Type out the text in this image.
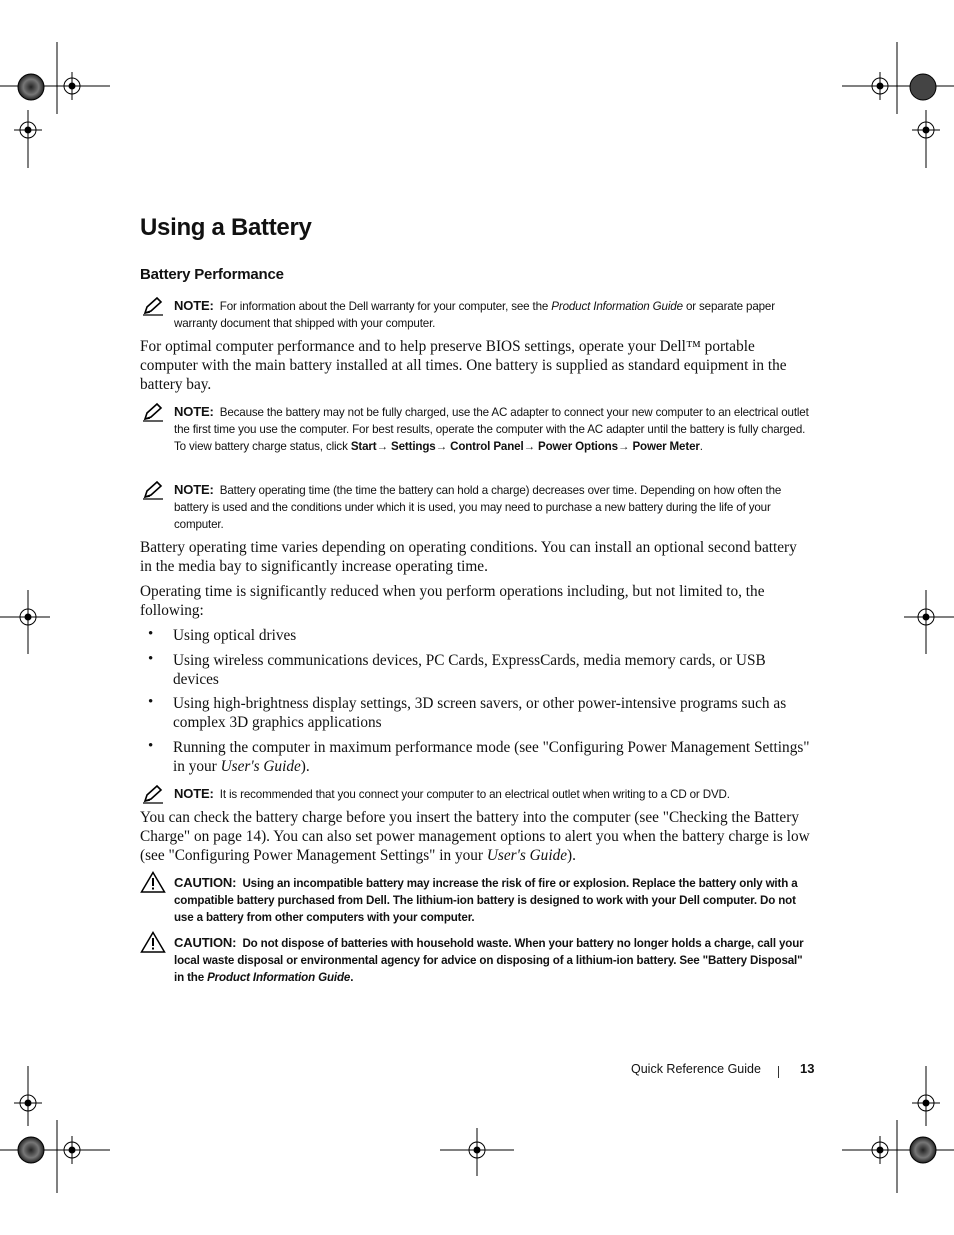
Using a Battery
Battery Performance
NOTE: For information about the Dell warranty for your computer, see the Product Information Guide or separate paper warranty document that shipped with your computer.
For optimal computer performance and to help preserve BIOS settings, operate your Dell™ portable computer with the main battery installed at all times. One battery is supplied as standard equipment in the battery bay.
NOTE: Because the battery may not be fully charged, use the AC adapter to connect your new computer to an electrical outlet the first time you use the computer. For best results, operate the computer with the AC adapter until the battery is fully charged. To view battery charge status, click Start→ Settings→ Control Panel→ Power Options→ Power Meter.
NOTE: Battery operating time (the time the battery can hold a charge) decreases over time. Depending on how often the battery is used and the conditions under which it is used, you may need to purchase a new battery during the life of your computer.
Battery operating time varies depending on operating conditions. You can install an optional second battery in the media bay to significantly increase operating time.
Operating time is significantly reduced when you perform operations including, but not limited to, the following:
• Using optical drives
• Using wireless communications devices, PC Cards, ExpressCards, media memory cards, or USB devices
• Using high-brightness display settings, 3D screen savers, or other power-intensive programs such as complex 3D graphics applications
• Running the computer in maximum performance mode (see "Configuring Power Management Settings" in your User's Guide).
NOTE: It is recommended that you connect your computer to an electrical outlet when writing to a CD or DVD.
You can check the battery charge before you insert the battery into the computer (see "Checking the Battery Charge" on page 14). You can also set power management options to alert you when the battery charge is low (see "Configuring Power Management Settings" in your User's Guide).
CAUTION: Using an incompatible battery may increase the risk of fire or explosion. Replace the battery only with a compatible battery purchased from Dell. The lithium-ion battery is designed to work with your Dell computer. Do not use a battery from other computers with your computer.
CAUTION: Do not dispose of batteries with household waste. When your battery no longer holds a charge, call your local waste disposal or environmental agency for advice on disposing of a lithium-ion battery. See "Battery Disposal" in the Product Information Guide.
Quick Reference Guide	13
